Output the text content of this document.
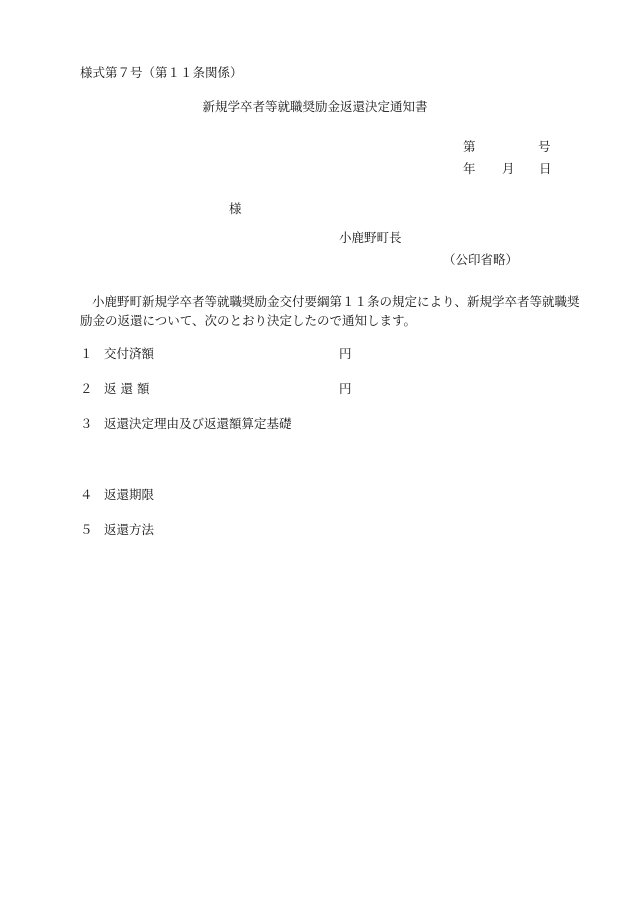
様式第７号（第１１条関係）
新規学卒者等就職奨励金返還決定通知書
第	号
年 月 日
様
小鹿野町長
（公印省略）
小鹿野町新規学卒者等就職奨励金交付要綱第１１条の規定により、新規学卒者等就職奨励金の返還について、次のとおり決定したので通知します。
１ 交付済額	円
２ 返 還 額	円
３ 返還決定理由及び返還額算定基礎
４ 返還期限
５ 返還方法
